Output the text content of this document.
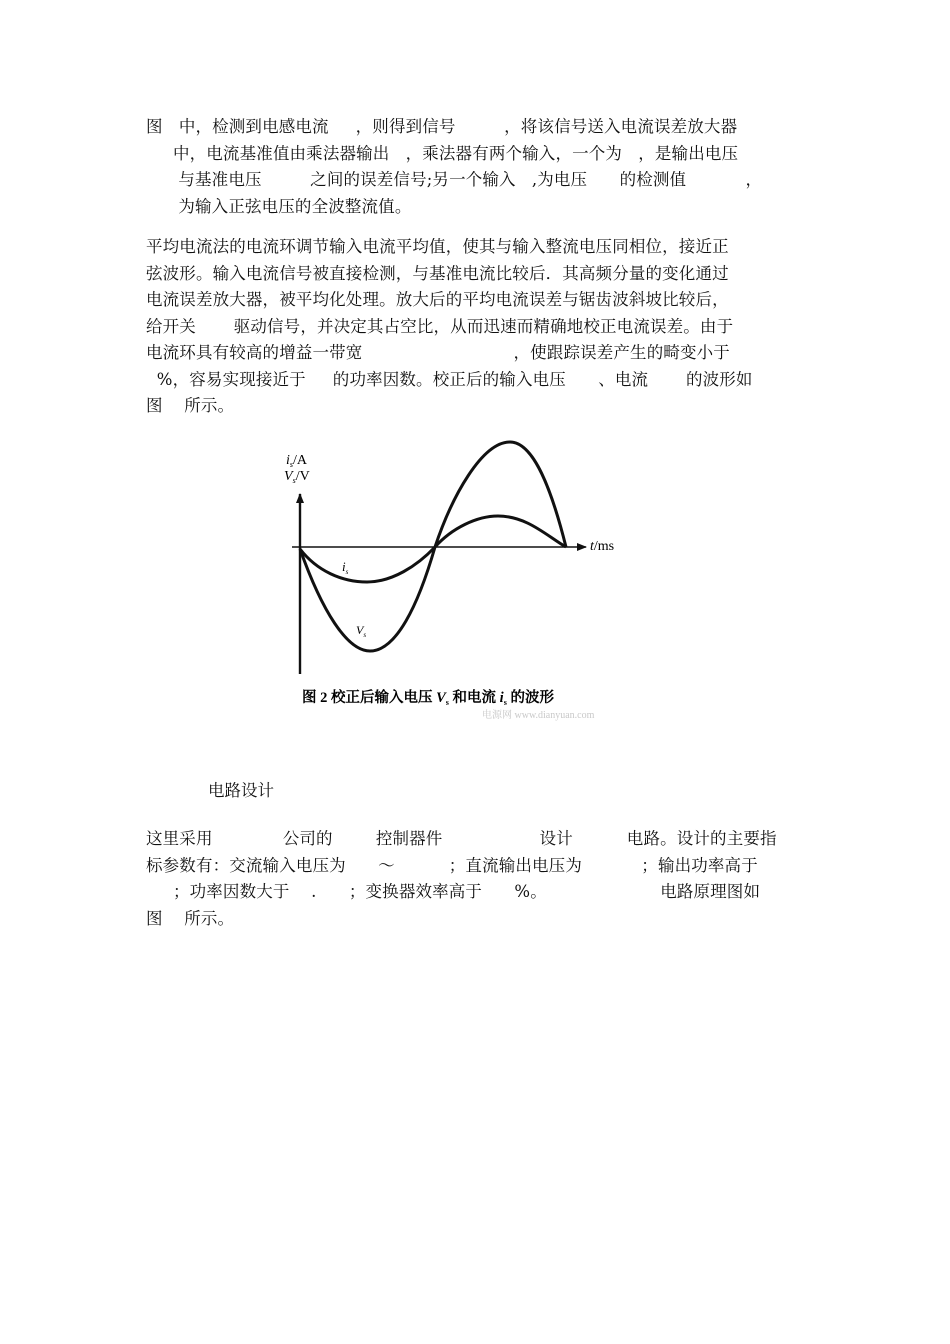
图   中，检测到电感电流     ，则得到信号         ，将该信号送入电流误差放大器
中，电流基准值由乘法器输出   ，乘法器有两个输入，一个为   ，是输出电压
与基准电压         之间的误差信号;另一个输入   ,为电压      的检测值           ，
为输入正弦电压的全波整流值。
平均电流法的电流环调节输入电流平均值，使其与输入整流电压同相位，接近正
弦波形。输入电流信号被直接检测，与基准电流比较后．其高频分量的变化通过
电流误差放大器，被平均化处理。放大后的平均电流误差与锯齿波斜坡比较后，
给开关       驱动信号，并决定其占空比，从而迅速而精确地校正电流误差。由于
电流环具有较高的增益一带宽                            ，使跟踪误差产生的畸变小于
%，容易实现接近于     的功率因数。校正后的输入电压      、电流       的波形如
图    所示。
$i_s/A$
$V_s/V$
t/ms
$i_s$
$V_s$
图 2 校正后输入电压 $V_s$ 和电流 $i_s$ 的波形
电源网 www.dianyuan.com
电路设计
这里采用             公司的        控制器件                  设计          电路。设计的主要指
标参数有：交流输入电压为      ～          ；直流输出电压为           ；输出功率高于
；功率因数大于    .      ；变换器效率高于      %。                     电路原理图如
图    所示。
